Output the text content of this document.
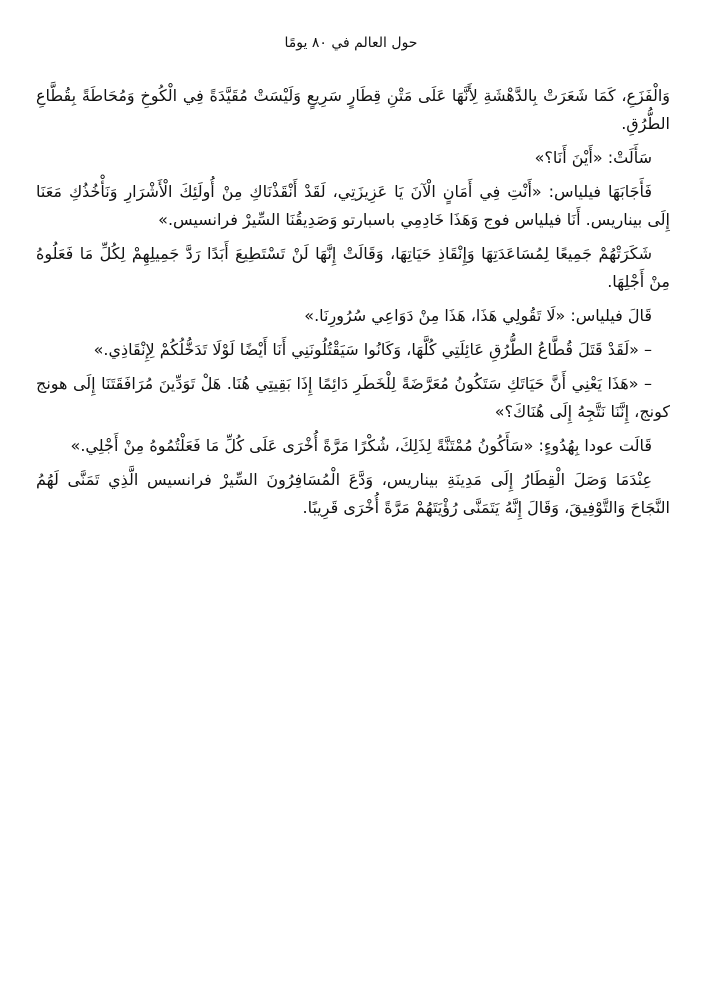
حول العالم في ٨٠ يومًا

وَالْفَزَعِ، كَمَا شَعَرَتْ بِالدَّهْشَةِ لِأَنَّهَا عَلَى مَتْنِ قِطَارٍ سَرِيعٍ وَلَيْسَتْ مُقَيَّدَةً فِي الْكُوخِ وَمُحَاطَةً بِقُطَّاعِ الطُّرُقِ.

سَأَلَتْ: «أَيْنَ أَنَا؟»

فَأَجَابَهَا فيلياس: «أَنْتِ فِي أَمَانٍ الْآنَ يَا عَزِيزَتِي، لَقَدْ أَنْقَذْنَاكِ مِنْ أُولَئِكَ الْأَشْرَارِ وَنَأْخُذُكِ مَعَنَا إِلَى بيناريس. أَنَا فيلياس فوج وَهَذَا خَادِمِي باسبارتو وَصَدِيقُنَا السِّيرْ فرانسيس.»

شَكَرَتْهُمْ جَمِيعًا لِمُسَاعَدَتِهَا وَإِنْقَاذِ حَيَاتِهَا، وَقَالَتْ إِنَّهَا لَنْ تَسْتَطِيعَ أَبَدًا رَدَّ جَمِيلِهِمْ لِكُلِّ مَا فَعَلُوهُ مِنْ أَجْلِهَا.

قَالَ فيلياس: «لَا تَقُولِي هَذَا، هَذَا مِنْ دَوَاعِي سُرُورِنَا.»

– «لَقَدْ قَتَلَ قُطَّاعُ الطُّرُقِ عَائِلَتِي كُلَّهَا، وَكَانُوا سَيَقْتُلُونَنِي أَنَا أَيْضًا لَوْلَا تَدَخُّلُكُمْ لِإِنْقَاذِي.»

– «هَذَا يَعْنِي أَنَّ حَيَاتَكِ سَتَكُونُ مُعَرَّضَةً لِلْخَطَرِ دَائِمًا إِذَا بَقِيتِي هُنَا. هَلْ تَوَدِّينَ مُرَافَقَتَنَا إِلَى هونج كونج، إِنَّنَا نَتَّجِهُ إِلَى هُنَاكَ؟»

قَالَت عودا بِهُدُوءٍ: «سَأَكُونُ مُمْتَنَّةً لِذَلِكَ، شُكْرًا مَرَّةً أُخْرَى عَلَى كُلِّ مَا فَعَلْتُمُوهُ مِنْ أَجْلِي.»

عِنْدَمَا وَصَلَ الْقِطَارُ إِلَى مَدِينَةِ بيناريس، وَدَّعَ الْمُسَافِرُونَ السِّيرْ فرانسيس الَّذِي تَمَنَّى لَهُمُ النَّجَاحَ وَالتَّوْفِيقَ، وَقَالَ إِنَّهُ يَتَمَنَّى رُؤْيَتَهُمْ مَرَّةً أُخْرَى قَرِيبًا.
